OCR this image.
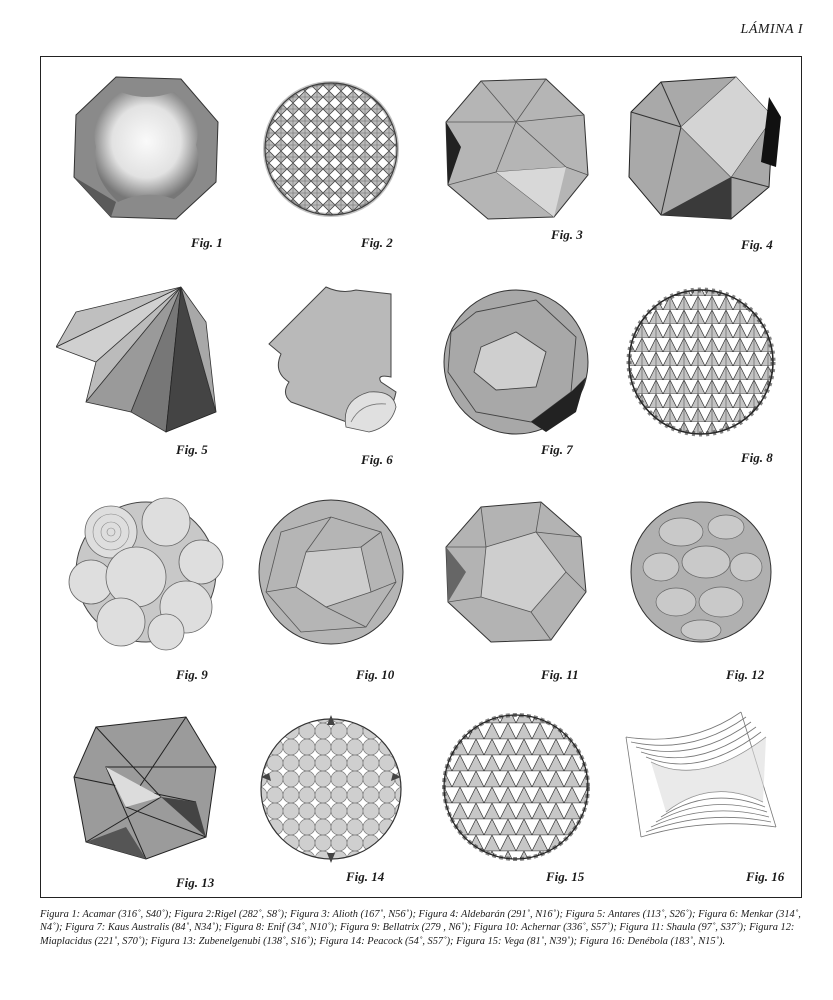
LÁMINA I
Fig. 1	Fig. 2
Fig. 3
Fig. 4
Fig. 5
Fig. 6
Fig. 7
Fig. 8
Fig. 9	Fig. 10	Fig. 11	Fig. 12
Fig. 13	Fig. 14	Fig. 15	Fig. 16
Figura 1: Acamar (316˚, S40˚); Figura 2:Rigel (282˚, S8˚); Figura 3: Alioth (167˚, N56˚); Figura 4: Aldebarán (291˚, N16˚); Figura 5: Antares (113˚, S26˚); Figura 6: Menkar (314˚, N4˚); Figura 7: Kaus Australis (84˚, N34˚); Figura 8: Enif (34˚, N10˚); Figura 9: Bellatrix (279 , N6˚); Figura 10: Achernar (336˚, S57˚); Figura 11: Shaula (97˚, S37˚); Figura 12: Miaplacidus (221˚, S70˚); Figura 13: Zubenelgenubi (138˚, S16˚); Figura 14: Peacock (54˚, S57˚); Figura 15: Vega (81˚, N39˚); Figura 16: Denébola (183˚, N15˚).
